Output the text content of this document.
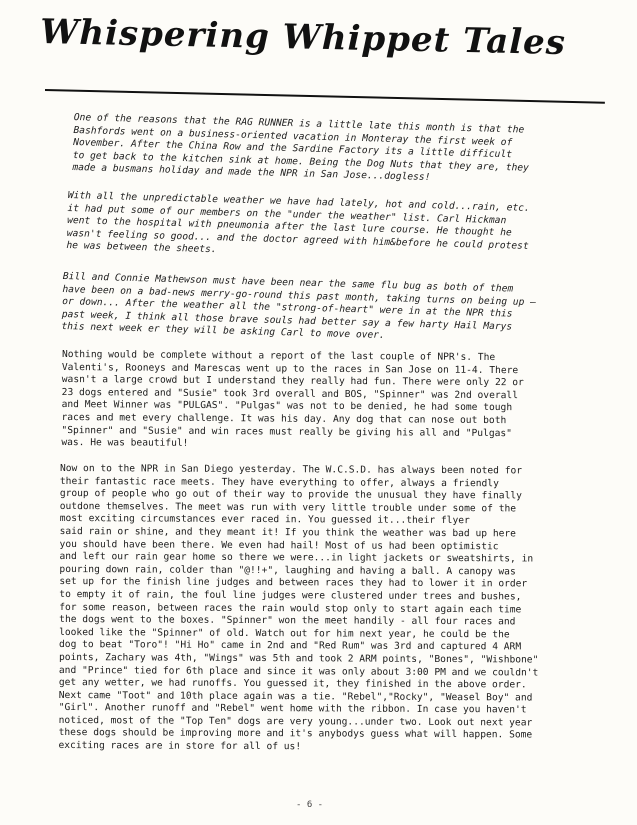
Whispering Whippet Tales

One of the reasons that the RAG RUNNER is a little late this month is that the
Bashfords went on a business-oriented vacation in Monteray the first week of
November. After the China Row and the Sardine Factory its a little difficult
to get back to the kitchen sink at home. Being the Dog Nuts that they are, they
made a busmans holiday and made the NPR in San Jose...dogless!

With all the unpredictable weather we have had lately, hot and cold...rain, etc.
it had put some of our members on the "under the weather" list. Carl Hickman
went to the hospital with pneumonia after the last lure course. He thought he
wasn't feeling so good... and the doctor agreed with him&before he could protest
he was between the sheets.

Bill and Connie Mathewson must have been near the same flu bug as both of them
have been on a bad-news merry-go-round this past month, taking turns on being up —
or down... After the weather all the "strong-of-heart" were in at the NPR this
past week, I think all those brave souls had better say a few harty Hail Marys
this next week er they will be asking Carl to move over.

Nothing would be complete without a report of the last couple of NPR's. The
Valenti's, Rooneys and Marescas went up to the races in San Jose on 11-4. There
wasn't a large crowd but I understand they really had fun. There were only 22 or
23 dogs entered and "Susie" took 3rd overall and BOS, "Spinner" was 2nd overall
and Meet Winner was "PULGAS". "Pulgas" was not to be denied, he had some tough
races and met every challenge. It was his day. Any dog that can nose out both
"Spinner" and "Susie" and win races must really be giving his all and "Pulgas"
was. He was beautiful!

Now on to the NPR in San Diego yesterday. The W.C.S.D. has always been noted for
their fantastic race meets. They have everything to offer, always a friendly
group of people who go out of their way to provide the unusual they have finally
outdone themselves. The meet was run with very little trouble under some of the
most exciting circumstances ever raced in. You guessed it...their flyer
said rain or shine, and they meant it! If you think the weather was bad up here
you should have been there. We even had hail! Most of us had been optimistic
and left our rain gear home so there we were...in light jackets or sweatshirts, in
pouring down rain, colder than "@!!+", laughing and having a ball. A canopy was
set up for the finish line judges and between races they had to lower it in order
to empty it of rain, the foul line judges were clustered under trees and bushes,
for some reason, between races the rain would stop only to start again each time
the dogs went to the boxes. "Spinner" won the meet handily - all four races and
looked like the "Spinner" of old. Watch out for him next year, he could be the
dog to beat "Toro"! "Hi Ho" came in 2nd and "Red Rum" was 3rd and captured 4 ARM
points, Zachary was 4th, "Wings" was 5th and took 2 ARM points, "Bones", "Wishbone"
and "Prince" tied for 6th place and since it was only about 3:00 PM and we couldn't
get any wetter, we had runoffs. You guessed it, they finished in the above order.
Next came "Toot" and 10th place again was a tie. "Rebel","Rocky", "Weasel Boy" and
"Girl". Another runoff and "Rebel" went home with the ribbon. In case you haven't
noticed, most of the "Top Ten" dogs are very young...under two. Look out next year
these dogs should be improving more and it's anybodys guess what will happen. Some
exciting races are in store for all of us!

- 6 -
